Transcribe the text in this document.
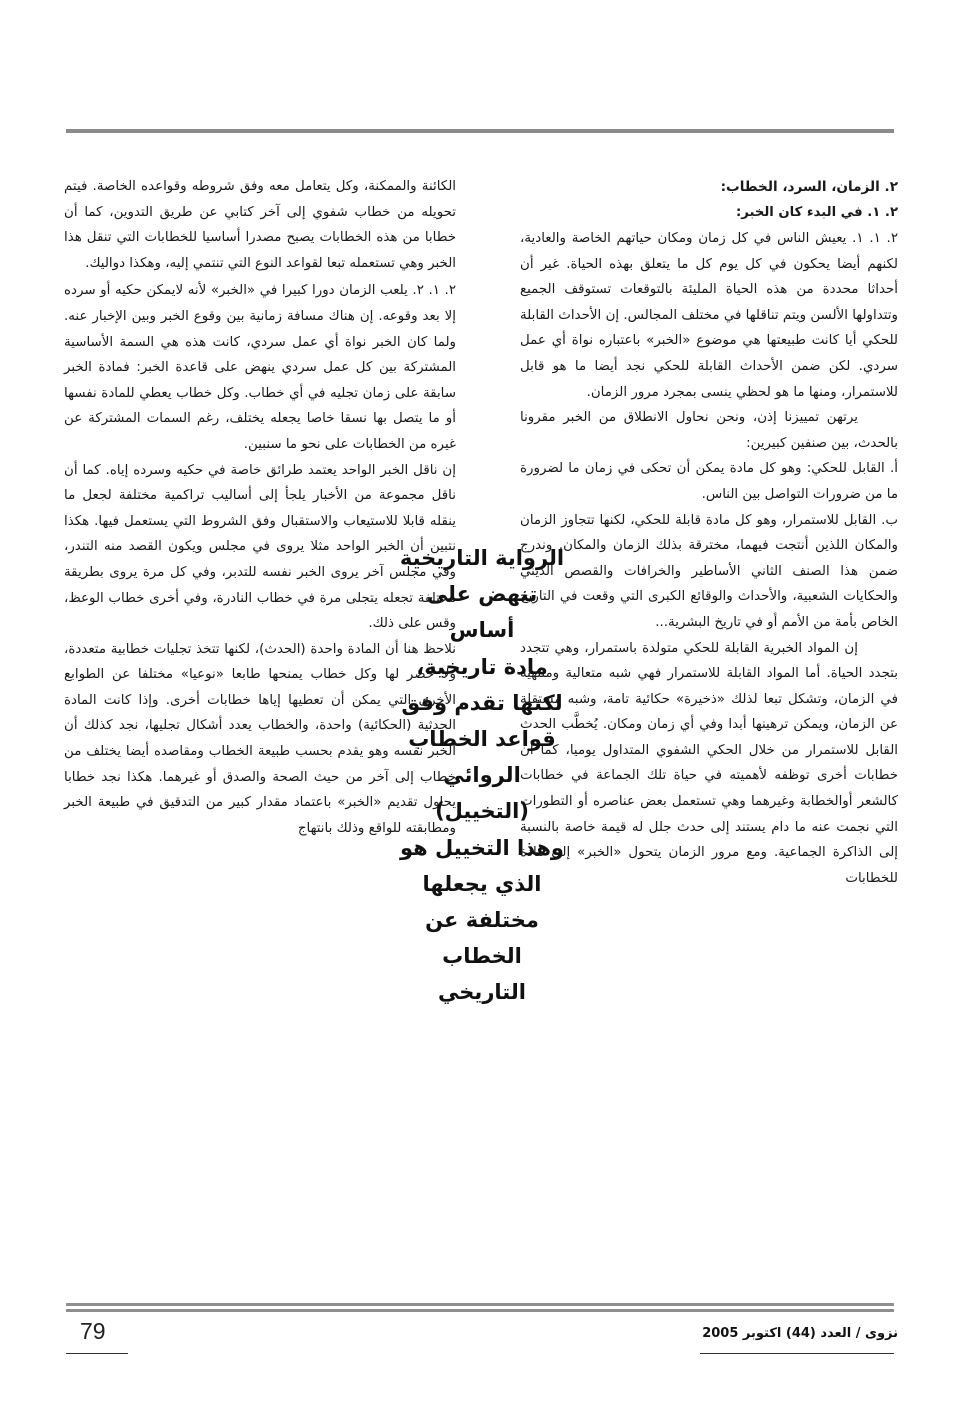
٢. الزمان، السرد، الخطاب:

٢. ١. في البدء كان الخبر:

٢. ١. ١. يعيش الناس في كل زمان ومكان حياتهم الخاصة والعادية، لكنهم أيضا يحكون في كل يوم كل ما يتعلق بهذه الحياة. غير أن أحداثا محددة من هذه الحياة المليئة بالتوقعات تستوقف الجميع وتتداولها الألسن ويتم تناقلها في مختلف المجالس. إن الأحداث القابلة للحكي أيا كانت طبيعتها هي موضوع «الخبر» باعتباره نواة أي عمل سردي. لكن ضمن الأحداث القابلة للحكي نجد أيضا ما هو قابل للاستمرار، ومنها ما هو لحظي ينسى بمجرد مرور الزمان.

يرتهن تمييزنا إذن، ونحن نحاول الانطلاق من الخبر مقرونا بالحدث، بين صنفين كبيرين:

أ. القابل للحكي: وهو كل مادة يمكن أن تحكى في زمان ما لضرورة ما من ضرورات التواصل بين الناس.

ب. القابل للاستمرار، وهو كل مادة قابلة للحكي، لكنها تتجاوز الزمان والمكان اللذين أنتجت فيهما، مخترقة بذلك الزمان والمكان. وندرج ضمن هذا الصنف الثاني الأساطير والخرافات والقصص الديني والحكايات الشعبية، والأحداث والوقائع الكبرى التي وقعت في التاريخ الخاص بأمة من الأمم أو في تاريخ البشرية...

إن المواد الخبرية القابلة للحكي متولدة باستمرار، وهي تتجدد بتجدد الحياة. أما المواد القابلة للاستمرار فهي شبه متعالية ومنتهية في الزمان، وتشكل تبعا لذلك «ذخيرة» حكائية تامة، وشبه مستقلة عن الزمان، ويمكن ترهينها أبدا وفي أي زمان ومكان. يُخطَّب الحدث القابل للاستمرار من خلال الحكي الشفوي المتداول يوميا، كما أن خطابات أخرى توظفه لأهميته في حياة تلك الجماعة في خطابات كالشعر أوالخطابة وغيرهما وهي تستعمل بعض عناصره أو التطورات التي نجمت عنه ما دام يستند إلى حدث جلل له قيمة خاصة بالنسبة إلى الذاكرة الجماعية. ومع مرور الزمان يتحول «الخبر» إلى مادة للخطابات

الرواية التاريخية
تنهض على أساس
مادة تاريخية،
لكنها تقدم وفق
قواعد الخطاب
الروائي (التخييل)
وهذا التخييل هو
الذي يجعلها
مختلفة عن
الخطاب التاريخي

الكائنة والممكنة، وكل يتعامل معه وفق شروطه وقواعده الخاصة. فيتم تحويله من خطاب شفوي إلى آخر كتابي عن طريق التدوين، كما أن خطابا من هذه الخطابات يصبح مصدرا أساسيا للخطابات التي تنقل هذا الخبر وهي تستعمله تبعا لقواعد النوع التي تنتمي إليه، وهكذا دواليك.

٢. ١. ٢. يلعب الزمان دورا كبيرا في «الخبر» لأنه لايمكن حكيه أو سرده إلا بعد وقوعه. إن هناك مسافة زمانية بين وقوع الخبر وبين الإخبار عنه. ولما كان الخبر نواة أي عمل سردي، كانت هذه هي السمة الأساسية المشتركة بين كل عمل سردي ينهض على قاعدة الخبر: فمادة الخبر سابقة على زمان تجليه في أي خطاب. وكل خطاب يعطي للمادة نفسها أو ما يتصل بها نسقا خاصا يجعله يختلف، رغم السمات المشتركة عن غيره من الخطابات على نحو ما سنبين.

إن ناقل الخبر الواحد يعتمد طرائق خاصة في حكيه وسرده إياه. كما أن ناقل مجموعة من الأخبار يلجأ إلى أساليب تراكمية مختلفة لجعل ما ينقله قابلا للاستيعاب والاستقبال وفق الشروط التي يستعمل فيها. هكذا نتبين أن الخبر الواحد مثلا يروى في مجلس ويكون القصد منه التندر، وفي مجلس آخر يروى الخبر نفسه للتدبر، وفي كل مرة يروى بطريقة مختلفة تجعله يتجلى مرة في خطاب النادرة، وفي أخرى خطاب الوعظ، وقس على ذلك.

نلاحظ هنا أن المادة واحدة (الحدث)، لكنها تتخذ تجليات خطابية متعددة، ولا حصر لها وكل خطاب يمنحها طابعا «نوعيا» مختلفا عن الطوابع الأخرى التي يمكن أن تعطيها إياها خطابات أخرى. وإذا كانت المادة الحدثية (الحكائية) واحدة، والخطاب يعدد أشكال تجليها، نجد كذلك أن الخبر نفسه وهو يقدم بحسب طبيعة الخطاب ومقاصده أيضا يختلف من خطاب إلى آخر من حيث الصحة والصدق أو غيرهما. هكذا نجد خطابا يحاول تقديم «الخبر» باعتماد مقدار كبير من التدقيق في طبيعة الخبر ومطابقته للواقع وذلك بانتهاج

79	نزوى / العدد (44) اكتوبر 2005
